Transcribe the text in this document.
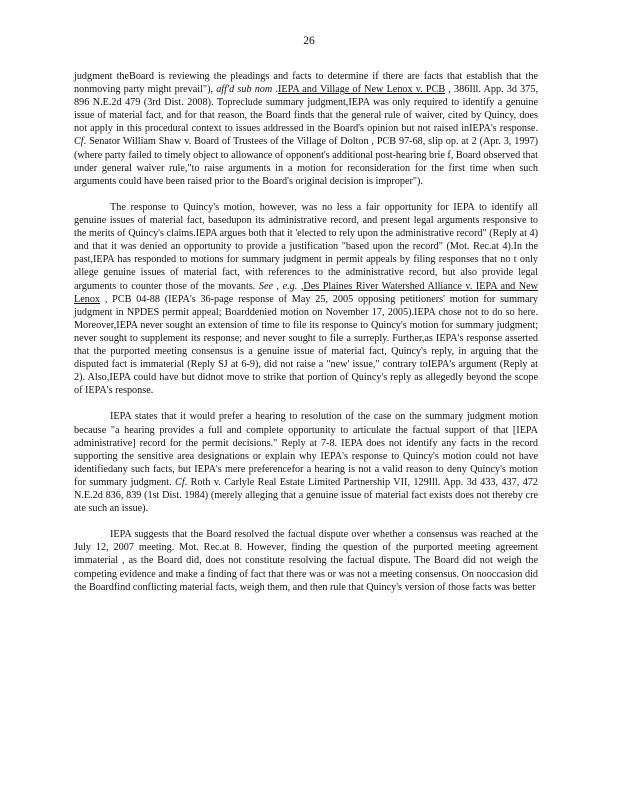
26

judgment theBoard is reviewing the pleadings and facts to determine if there are facts that establish that the nonmoving party might prevail"), aff'd sub nom .IEPA and Village of New Lenox v. PCB , 386Ill. App. 3d 375, 896 N.E.2d 479 (3rd Dist. 2008). Topreclude summary judgment,IEPA was only required to identify a genuine issue of material fact, and for that reason, the Board finds that the general rule of waiver, cited by Quincy, does not apply in this procedural context to issues addressed in the Board's opinion but not raised inIEPA's response. Cf. Senator William Shaw v. Board of Trustees of the Village of Dolton , PCB 97-68, slip op. at 2 (Apr. 3, 1997) (where party failed to timely object to allowance of opponent's additional post-hearing brie f, Board observed that under general waiver rule,"to raise arguments in a motion for reconsideration for the first time when such arguments could have been raised prior to the Board's original decision is improper").

The response to Quincy's motion, however, was no less a fair opportunity for IEPA to identify all genuine issues of material fact, basedupon its administrative record, and present legal arguments responsive to the merits of Quincy's claims.IEPA argues both that it 'elected to rely upon the administrative record" (Reply at 4) and that it was denied an opportunity to provide a justification "based upon the record" (Mot. Rec.at 4).In the past,IEPA has responded to motions for summary judgment in permit appeals by filing responses that no t only allege genuine issues of material fact, with references to the administrative record, but also provide legal arguments to counter those of the movants. See , e.g. ,Des Plaines River Watershed Alliance v. IEPA and New Lenox , PCB 04-88 (IEPA's 36-page response of May 25, 2005 opposing petitioners' motion for summary judgment in NPDES permit appeal; Boarddenied motion on November 17, 2005).IEPA chose not to do so here. Moreover,IEPA never sought an extension of time to file its response to Quincy's motion for summary judgment; never sought to supplement its response; and never sought to file a surreply. Further,as IEPA's response asserted that the purported meeting consensus is a genuine issue of material fact, Quincy's reply, in arguing that the disputed fact is immaterial (Reply SJ at 6-9), did not raise a "new' issue," contrary toIEPA's argument (Reply at 2). Also,IEPA could have but didnot move to strike that portion of Quincy's reply as allegedly beyond the scope of IEPA's response.

IEPA states that it would prefer a hearing to resolution of the case on the summary judgment motion because "a hearing provides a full and complete opportunity to articulate the factual support of that [IEPA administrative] record for the permit decisions." Reply at 7-8. IEPA does not identify any facts in the record supporting the sensitive area designations or explain why IEPA's response to Quincy's motion could not have identifiedany such facts, but IEPA's mere preferencefor a hearing is not a valid reason to deny Quincy's motion for summary judgment. Cf. Roth v. Carlyle Real Estate Limited Partnership VII, 129Ill. App. 3d 433, 437, 472 N.E.2d 836, 839 (1st Dist. 1984) (merely alleging that a genuine issue of material fact exists does not thereby cre ate such an issue).

IEPA suggests that the Board resolved the factual dispute over whether a consensus was reached at the July 12, 2007 meeting. Mot. Rec.at 8. However, finding the question of the purported meeting agreement immaterial , as the Board did, does not constitute resolving the factual dispute. The Board did not weigh the competing evidence and make a finding of fact that there was or was not a meeting consensus. On nooccasion did the Boardfind conflicting material facts, weigh them, and then rule that Quincy's version of those facts was better
